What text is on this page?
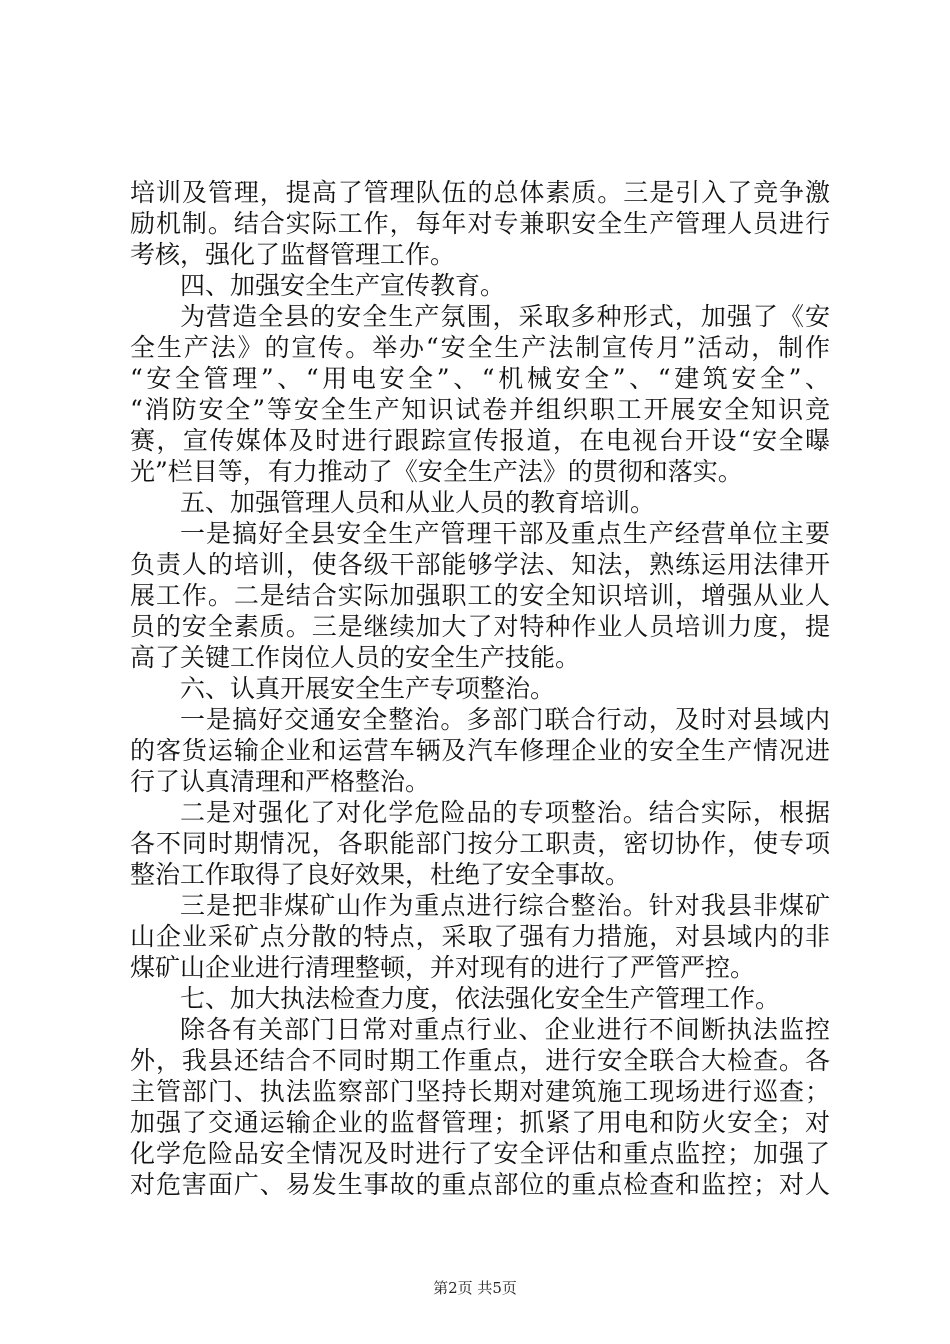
培训及管理，提高了管理队伍的总体素质。三是引入了竞争激
励机制。结合实际工作，每年对专兼职安全生产管理人员进行
考核，强化了监督管理工作。
四、加强安全生产宣传教育。
为营造全县的安全生产氛围，采取多种形式，加强了《安
全生产法》的宣传。举办“安全生产法制宣传月”活动，制作
“安全管理”、“用电安全”、“机械安全”、“建筑安全”、
“消防安全”等安全生产知识试卷并组织职工开展安全知识竞
赛，宣传媒体及时进行跟踪宣传报道，在电视台开设“安全曝
光”栏目等，有力推动了《安全生产法》的贯彻和落实。
五、加强管理人员和从业人员的教育培训。
一是搞好全县安全生产管理干部及重点生产经营单位主要
负责人的培训，使各级干部能够学法、知法，熟练运用法律开
展工作。二是结合实际加强职工的安全知识培训，增强从业人
员的安全素质。三是继续加大了对特种作业人员培训力度，提
高了关键工作岗位人员的安全生产技能。
六、认真开展安全生产专项整治。
一是搞好交通安全整治。多部门联合行动，及时对县域内
的客货运输企业和运营车辆及汽车修理企业的安全生产情况进
行了认真清理和严格整治。
二是对强化了对化学危险品的专项整治。结合实际，根据
各不同时期情况，各职能部门按分工职责，密切协作，使专项
整治工作取得了良好效果，杜绝了安全事故。
三是把非煤矿山作为重点进行综合整治。针对我县非煤矿
山企业采矿点分散的特点，采取了强有力措施，对县域内的非
煤矿山企业进行清理整顿，并对现有的进行了严管严控。
七、加大执法检查力度，依法强化安全生产管理工作。
除各有关部门日常对重点行业、企业进行不间断执法监控
外，我县还结合不同时期工作重点，进行安全联合大检查。各
主管部门、执法监察部门坚持长期对建筑施工现场进行巡查；
加强了交通运输企业的监督管理；抓紧了用电和防火安全；对
化学危险品安全情况及时进行了安全评估和重点监控；加强了
对危害面广、易发生事故的重点部位的重点检查和监控；对人
第2页 共5页
